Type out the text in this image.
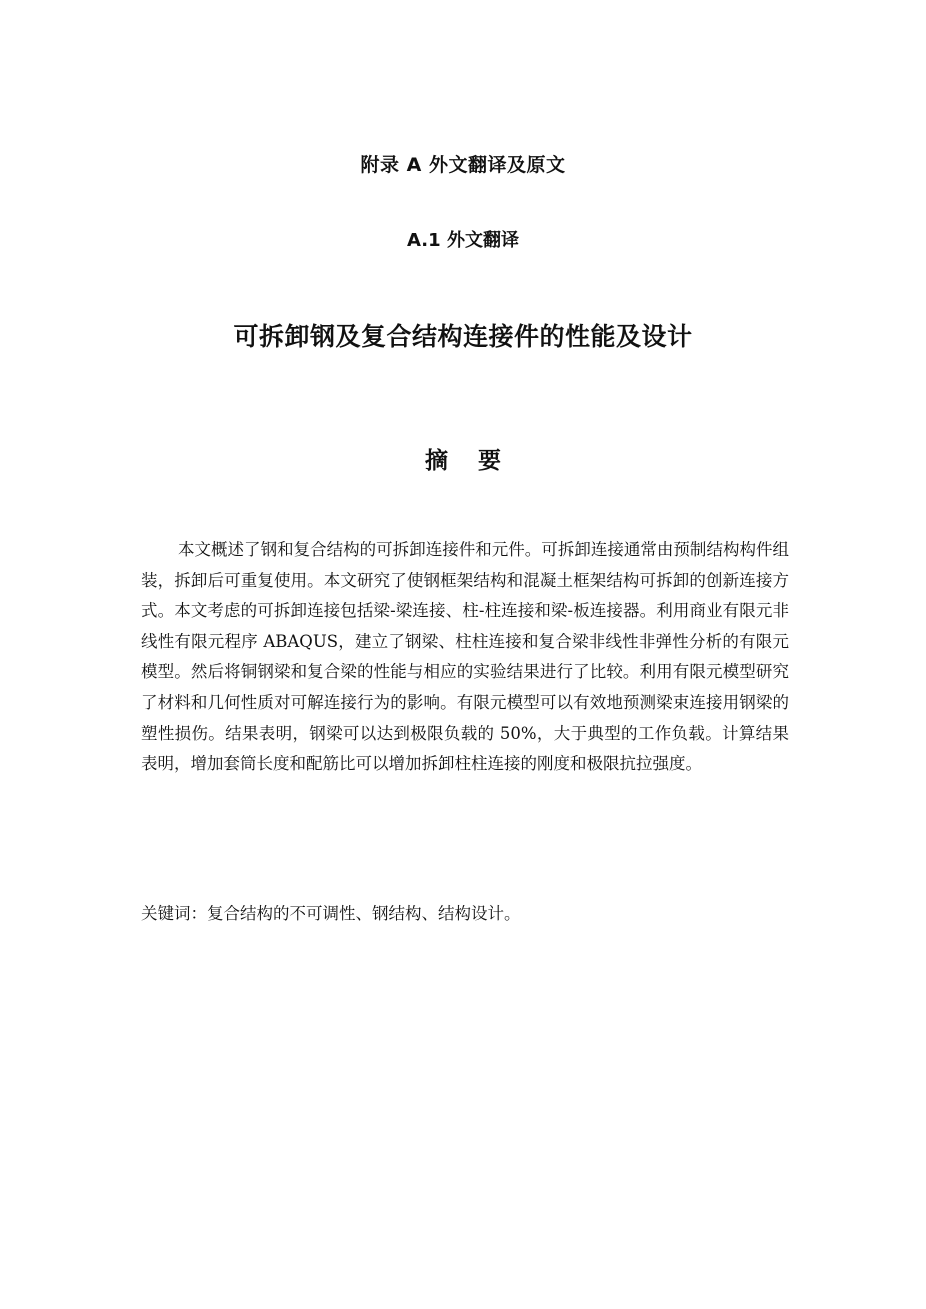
附录 A 外文翻译及原文
A.1 外文翻译
可拆卸钢及复合结构连接件的性能及设计
摘要

本文概述了钢和复合结构的可拆卸连接件和元件。可拆卸连接通常由预制结构构件组装，拆卸后可重复使用。本文研究了使钢框架结构和混凝土框架结构可拆卸的创新连接方式。本文考虑的可拆卸连接包括梁-梁连接、柱-柱连接和梁-板连接器。利用商业有限元非线性有限元程序 ABAQUS，建立了钢梁、柱柱连接和复合梁非线性非弹性分析的有限元模型。然后将铜钢梁和复合梁的性能与相应的实验结果进行了比较。利用有限元模型研究了材料和几何性质对可解连接行为的影响。有限元模型可以有效地预测梁束连接用钢梁的塑性损伤。结果表明，钢梁可以达到极限负载的 50%，大于典型的工作负载。计算结果表明，增加套筒长度和配筋比可以增加拆卸柱柱连接的刚度和极限抗拉强度。

关键词：复合结构的不可调性、钢结构、结构设计。
